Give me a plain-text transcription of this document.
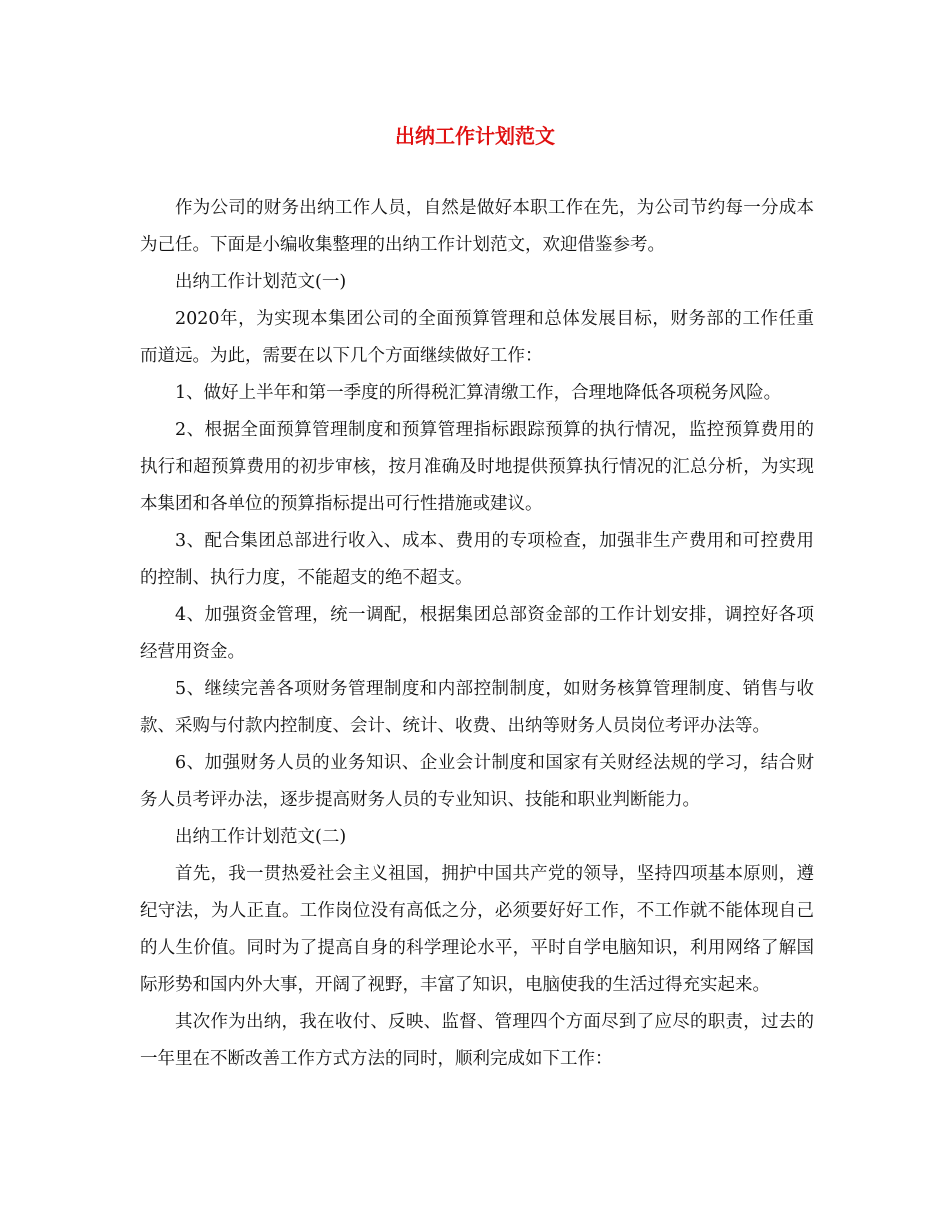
出纳工作计划范文

作为公司的财务出纳工作人员，自然是做好本职工作在先，为公司节约每一分成本为己任。下面是小编收集整理的出纳工作计划范文，欢迎借鉴参考。

出纳工作计划范文(一)

2020年，为实现本集团公司的全面预算管理和总体发展目标，财务部的工作任重而道远。为此，需要在以下几个方面继续做好工作：

1、做好上半年和第一季度的所得税汇算清缴工作，合理地降低各项税务风险。

2、根据全面预算管理制度和预算管理指标跟踪预算的执行情况，监控预算费用的执行和超预算费用的初步审核，按月准确及时地提供预算执行情况的汇总分析，为实现本集团和各单位的预算指标提出可行性措施或建议。

3、配合集团总部进行收入、成本、费用的专项检查，加强非生产费用和可控费用的控制、执行力度，不能超支的绝不超支。

4、加强资金管理，统一调配，根据集团总部资金部的工作计划安排，调控好各项经营用资金。

5、继续完善各项财务管理制度和内部控制制度，如财务核算管理制度、销售与收款、采购与付款内控制度、会计、统计、收费、出纳等财务人员岗位考评办法等。

6、加强财务人员的业务知识、企业会计制度和国家有关财经法规的学习，结合财务人员考评办法，逐步提高财务人员的专业知识、技能和职业判断能力。

出纳工作计划范文(二)

首先，我一贯热爱社会主义祖国，拥护中国共产党的领导，坚持四项基本原则，遵纪守法，为人正直。工作岗位没有高低之分，必须要好好工作，不工作就不能体现自己的人生价值。同时为了提高自身的科学理论水平，平时自学电脑知识，利用网络了解国际形势和国内外大事，开阔了视野，丰富了知识，电脑使我的生活过得充实起来。

其次作为出纳，我在收付、反映、监督、管理四个方面尽到了应尽的职责，过去的一年里在不断改善工作方式方法的同时，顺利完成如下工作：
